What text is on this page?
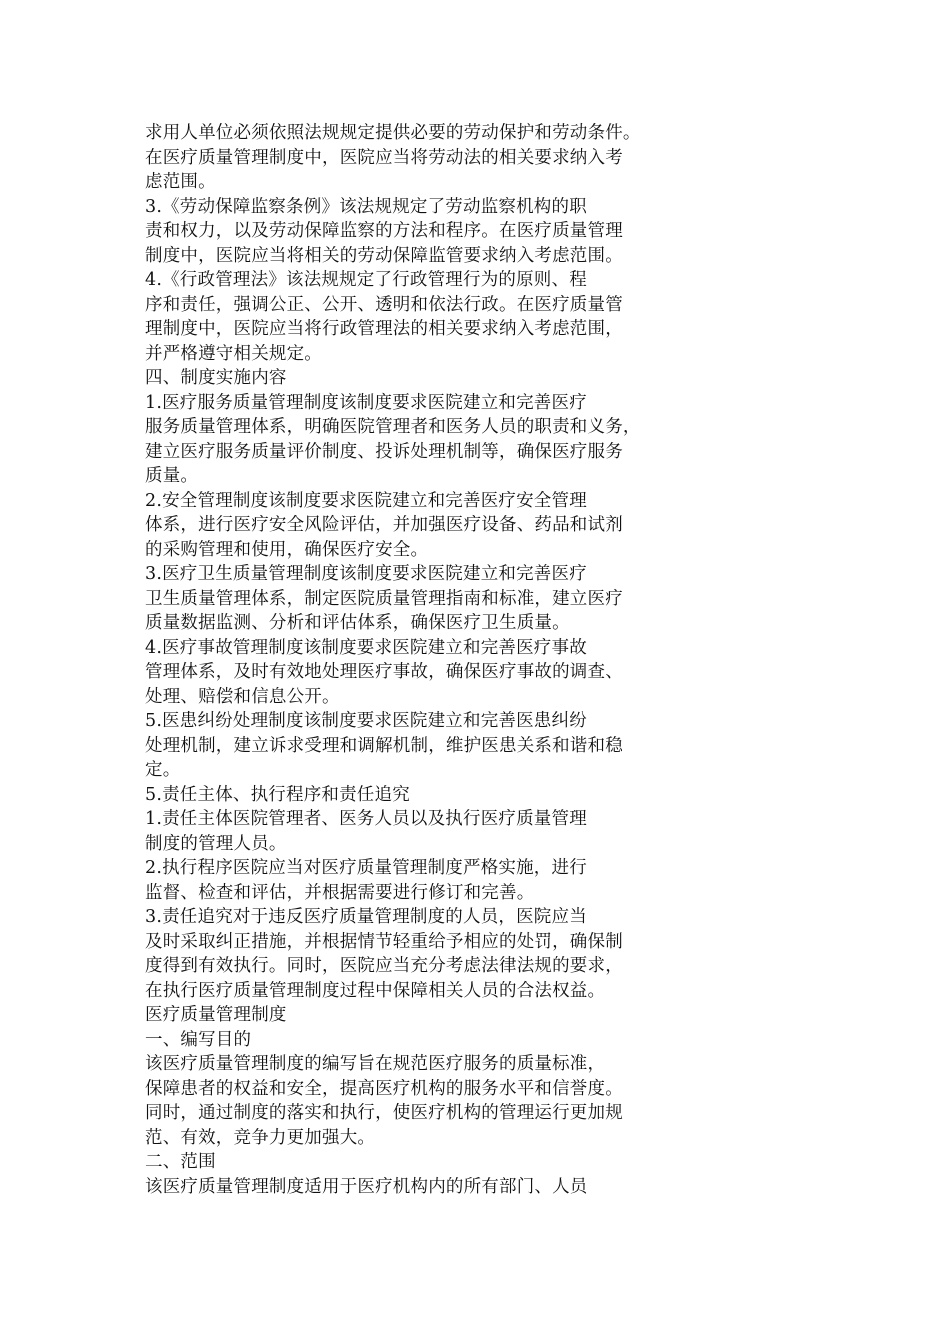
求用人单位必须依照法规规定提供必要的劳动保护和劳动条件。
在医疗质量管理制度中，医院应当将劳动法的相关要求纳入考
虑范围。
3.《劳动保障监察条例》该法规规定了劳动监察机构的职
责和权力，以及劳动保障监察的方法和程序。在医疗质量管理
制度中，医院应当将相关的劳动保障监管要求纳入考虑范围。
4.《行政管理法》该法规规定了行政管理行为的原则、程
序和责任，强调公正、公开、透明和依法行政。在医疗质量管
理制度中，医院应当将行政管理法的相关要求纳入考虑范围，
并严格遵守相关规定。
四、制度实施内容
1.医疗服务质量管理制度该制度要求医院建立和完善医疗
服务质量管理体系，明确医院管理者和医务人员的职责和义务，
建立医疗服务质量评价制度、投诉处理机制等，确保医疗服务
质量。
2.安全管理制度该制度要求医院建立和完善医疗安全管理
体系，进行医疗安全风险评估，并加强医疗设备、药品和试剂
的采购管理和使用，确保医疗安全。
3.医疗卫生质量管理制度该制度要求医院建立和完善医疗
卫生质量管理体系，制定医院质量管理指南和标准，建立医疗
质量数据监测、分析和评估体系，确保医疗卫生质量。
4.医疗事故管理制度该制度要求医院建立和完善医疗事故
管理体系，及时有效地处理医疗事故，确保医疗事故的调查、
处理、赔偿和信息公开。
5.医患纠纷处理制度该制度要求医院建立和完善医患纠纷
处理机制，建立诉求受理和调解机制，维护医患关系和谐和稳
定。
5.责任主体、执行程序和责任追究
1.责任主体医院管理者、医务人员以及执行医疗质量管理
制度的管理人员。
2.执行程序医院应当对医疗质量管理制度严格实施，进行
监督、检查和评估，并根据需要进行修订和完善。
3.责任追究对于违反医疗质量管理制度的人员，医院应当
及时采取纠正措施，并根据情节轻重给予相应的处罚，确保制
度得到有效执行。同时，医院应当充分考虑法律法规的要求，
在执行医疗质量管理制度过程中保障相关人员的合法权益。
医疗质量管理制度
一、编写目的
该医疗质量管理制度的编写旨在规范医疗服务的质量标准，
保障患者的权益和安全，提高医疗机构的服务水平和信誉度。
同时，通过制度的落实和执行，使医疗机构的管理运行更加规
范、有效，竞争力更加强大。
二、范围
该医疗质量管理制度适用于医疗机构内的所有部门、人员
